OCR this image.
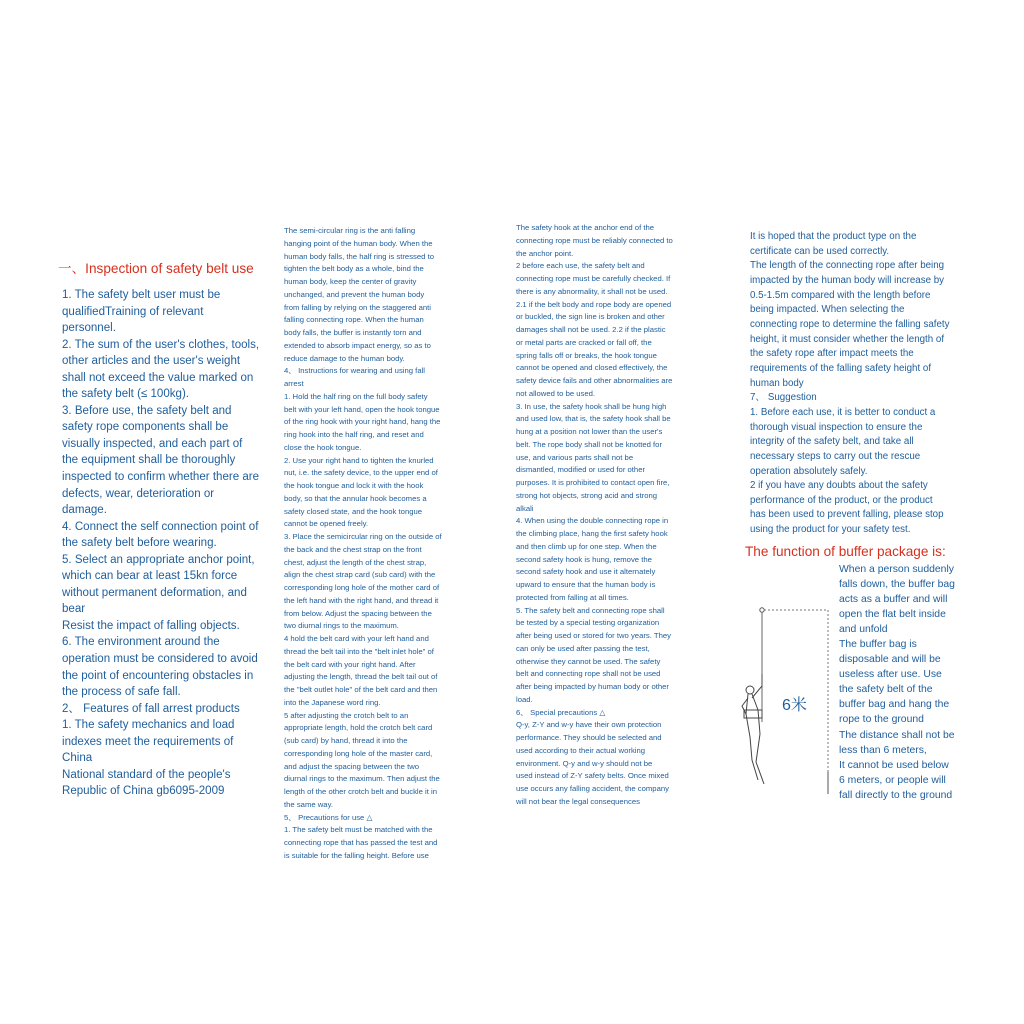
一、Inspection of safety belt use
1. The safety belt user must be
qualifiedTraining of relevant
personnel.
2. The sum of the user's clothes, tools,
other articles and the user's weight
shall not exceed the value marked on
the safety belt (≤ 100kg).
3. Before use, the safety belt and
safety rope components shall be
visually inspected, and each part of
the equipment shall be thoroughly
inspected to confirm whether there are
defects, wear, deterioration or
damage.
4. Connect the self connection point of
the safety belt before wearing.
5. Select an appropriate anchor point,
which can bear at least 15kn force
without permanent deformation, and
bear
Resist the impact of falling objects.
6. The environment around the
operation must be considered to avoid
the point of encountering obstacles in
the process of safe fall.
2、 Features of fall arrest products
1. The safety mechanics and load
indexes meet the requirements of
China
National standard of the people's
Republic of China gb6095-2009
The semi-circular ring is the anti falling
hanging point of the human body. When the
human body falls, the half ring is stressed to
tighten the belt body as a whole, bind the
human body, keep the center of gravity
unchanged, and prevent the human body
from falling by relying on the staggered anti
falling connecting rope. When the human
body falls, the buffer is instantly torn and
extended to absorb impact energy, so as to
reduce damage to the human body.
4、 Instructions for wearing and using fall
arrest
1. Hold the half ring on the full body safety
belt with your left hand, open the hook tongue
of the ring hook with your right hand, hang the
ring hook into the half ring, and reset and
close the hook tongue.
2. Use your right hand to tighten the knurled
nut, i.e. the safety device, to the upper end of
the hook tongue and lock it with the hook
body, so that the annular hook becomes a
safety closed state, and the hook tongue
cannot be opened freely.
3. Place the semicircular ring on the outside of
the back and the chest strap on the front
chest, adjust the length of the chest strap,
align the chest strap card (sub card) with the
corresponding long hole of the mother card of
the left hand with the right hand, and thread it
from below. Adjust the spacing between the
two diurnal rings to the maximum.
4 hold the belt card with your left hand and
thread the belt tail into the "belt inlet hole" of
the belt card with your right hand. After
adjusting the length, thread the belt tail out of
the "belt outlet hole" of the belt card and then
into the Japanese word ring.
5 after adjusting the crotch belt to an
appropriate length, hold the crotch belt card
(sub card) by hand, thread it into the
corresponding long hole of the master card,
and adjust the spacing between the two
diurnal rings to the maximum. Then adjust the
length of the other crotch belt and buckle it in
the same way.
5、 Precautions for use △
1. The safety belt must be matched with the
connecting rope that has passed the test and
is suitable for the falling height. Before use
The safety hook at the anchor end of the
connecting rope must be reliably connected to
the anchor point.
2 before each use, the safety belt and
connecting rope must be carefully checked. If
there is any abnormality, it shall not be used.
2.1 if the belt body and rope body are opened
or buckled, the sign line is broken and other
damages shall not be used. 2.2 if the plastic
or metal parts are cracked or fall off, the
spring falls off or breaks, the hook tongue
cannot be opened and closed effectively, the
safety device fails and other abnormalities are
not allowed to be used.
3. In use, the safety hook shall be hung high
and used low, that is, the safety hook shall be
hung at a position not lower than the user's
belt. The rope body shall not be knotted for
use, and various parts shall not be
dismantled, modified or used for other
purposes. It is prohibited to contact open fire,
strong hot objects, strong acid and strong
alkali
4. When using the double connecting rope in
the climbing place, hang the first safety hook
and then climb up for one step. When the
second safety hook is hung, remove the
second safety hook and use it alternately
upward to ensure that the human body is
protected from falling at all times.
5. The safety belt and connecting rope shall
be tested by a special testing organization
after being used or stored for two years. They
can only be used after passing the test,
otherwise they cannot be used. The safety
belt and connecting rope shall not be used
after being impacted by human body or other
load.
6、 Special precautions △
Q-y, Z-Y and w-y have their own protection
performance. They should be selected and
used according to their actual working
environment. Q-y and w-y should not be
used instead of Z-Y safety belts. Once mixed
use occurs any falling accident, the company
will not bear the legal consequences
It is hoped that the product type on the
certificate can be used correctly.
The length of the connecting rope after being
impacted by the human body will increase by
0.5-1.5m compared with the length before
being impacted. When selecting the
connecting rope to determine the falling safety
height, it must consider whether the length of
the safety rope after impact meets the
requirements of the falling safety height of
human body
7、 Suggestion
1. Before each use, it is better to conduct a
thorough visual inspection to ensure the
integrity of the safety belt, and take all
necessary steps to carry out the rescue
operation absolutely safely.
2 if you have any doubts about the safety
performance of the product, or the product
has been used to prevent falling, please stop
using the product for your safety test.
The function of buffer package is:
6米
When a person suddenly
falls down, the buffer bag
acts as a buffer and will
open the flat belt inside
and unfold
The buffer bag is
disposable and will be
useless after use. Use
the safety belt of the
buffer bag and hang the
rope to the ground
The distance shall not be
less than 6 meters,
It cannot be used below
6 meters, or people will
fall directly to the ground
